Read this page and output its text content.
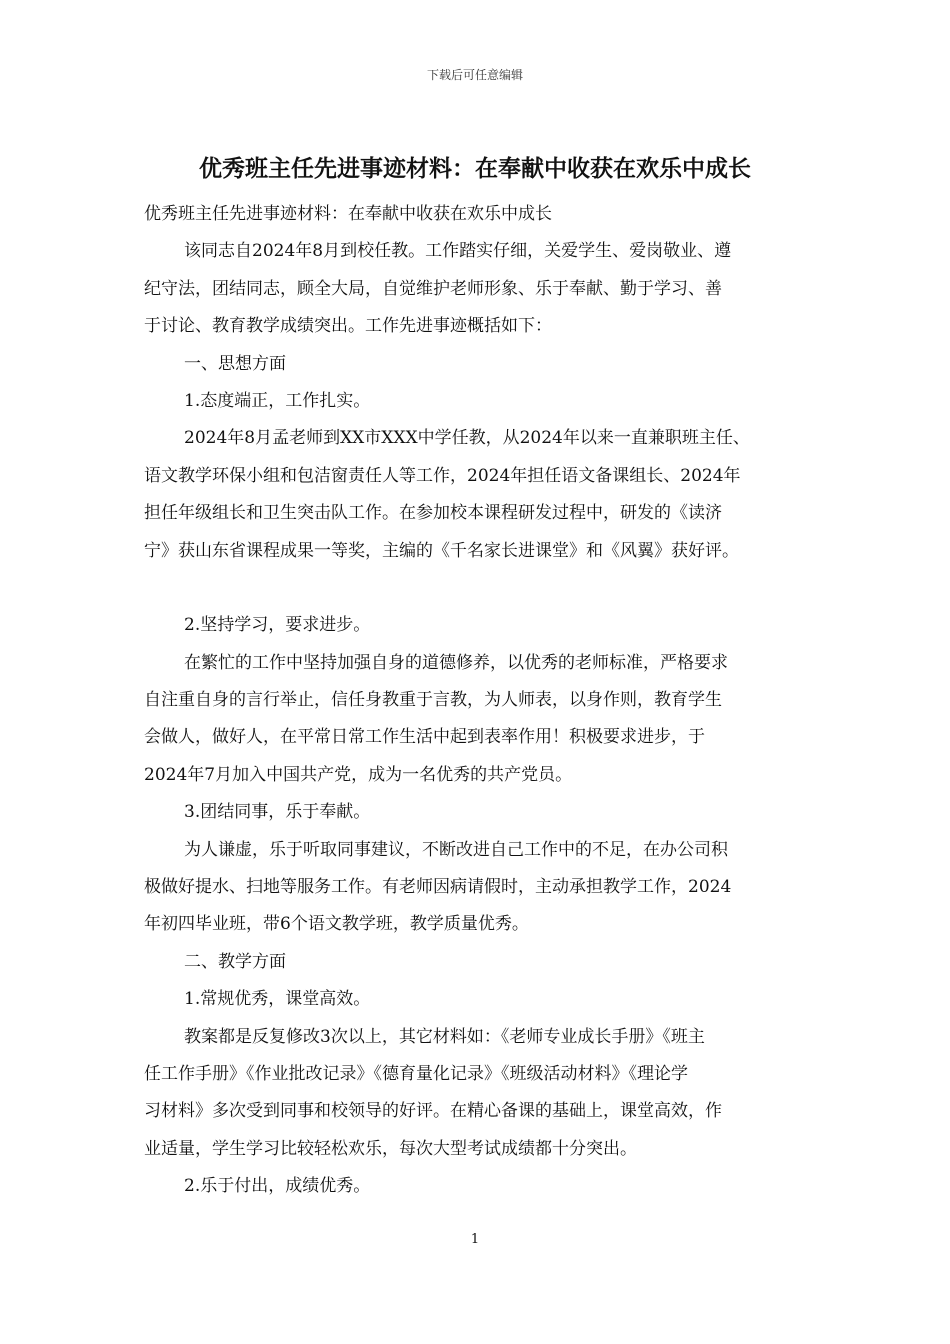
下载后可任意编辑
优秀班主任先进事迹材料：在奉献中收获在欢乐中成长
优秀班主任先进事迹材料：在奉献中收获在欢乐中成长
该同志自2024年8月到校任教。工作踏实仔细，关爱学生、爱岗敬业、遵
纪守法，团结同志，顾全大局，自觉维护老师形象、乐于奉献、勤于学习、善
于讨论、教育教学成绩突出。工作先进事迹概括如下：
一、思想方面
1.态度端正，工作扎实。
2024年8月孟老师到XX市XXX中学任教，从2024年以来一直兼职班主任、
语文教学环保小组和包洁窗责任人等工作，2024年担任语文备课组长、2024年
担任年级组长和卫生突击队工作。在参加校本课程研发过程中，研发的《读济
宁》获山东省课程成果一等奖，主编的《千名家长进课堂》和《风翼》获好评。
2.坚持学习，要求进步。
在繁忙的工作中坚持加强自身的道德修养，以优秀的老师标准，严格要求
自注重自身的言行举止，信任身教重于言教，为人师表，以身作则，教育学生
会做人，做好人，在平常日常工作生活中起到表率作用！积极要求进步，于
2024年7月加入中国共产党，成为一名优秀的共产党员。
3.团结同事，乐于奉献。
为人谦虚，乐于听取同事建议，不断改进自己工作中的不足，在办公司积
极做好提水、扫地等服务工作。有老师因病请假时，主动承担教学工作，2024
年初四毕业班，带6个语文教学班，教学质量优秀。
二、教学方面
1.常规优秀，课堂高效。
教案都是反复修改3次以上，其它材料如：《老师专业成长手册》《班主
任工作手册》《作业批改记录》《德育量化记录》《班级活动材料》《理论学
习材料》多次受到同事和校领导的好评。在精心备课的基础上，课堂高效，作
业适量，学生学习比较轻松欢乐，每次大型考试成绩都十分突出。
2.乐于付出，成绩优秀。
1
